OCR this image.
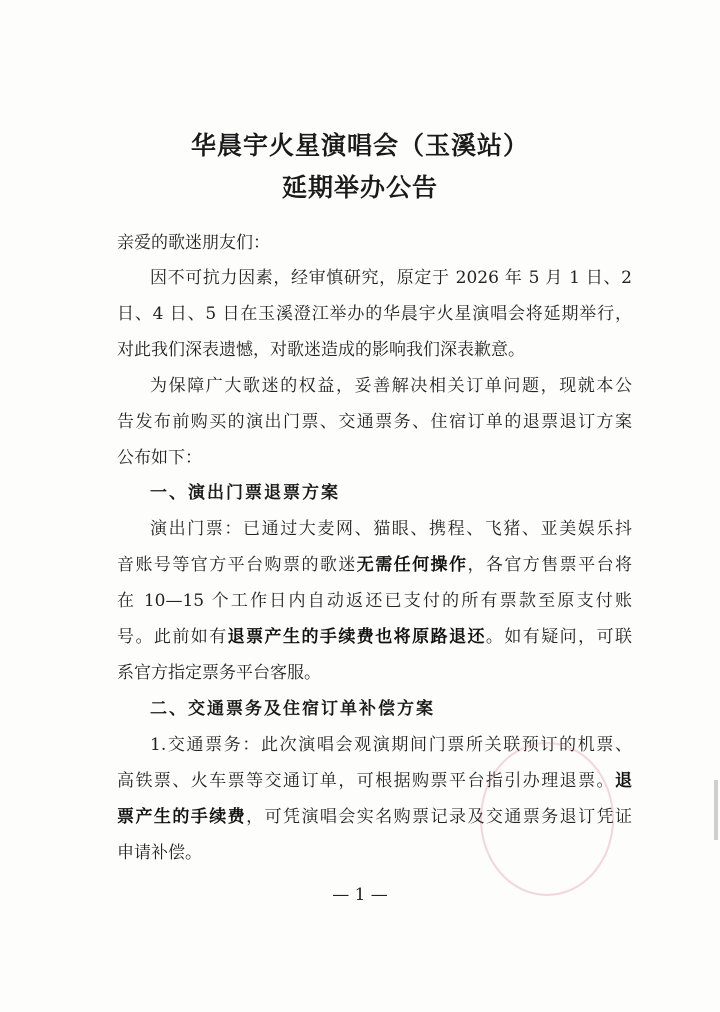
华晨宇火星演唱会（玉溪站）
延期举办公告
亲爱的歌迷朋友们：
因不可抗力因素，经审慎研究，原定于 2026 年 5 月 1 日、2
日、4 日、5 日在玉溪澄江举办的华晨宇火星演唱会将延期举行，
对此我们深表遗憾，对歌迷造成的影响我们深表歉意。
为保障广大歌迷的权益，妥善解决相关订单问题，现就本公
告发布前购买的演出门票、交通票务、住宿订单的退票退订方案
公布如下：
一、演出门票退票方案
演出门票：已通过大麦网、猫眼、携程、飞猪、亚美娱乐抖
音账号等官方平台购票的歌迷无需任何操作，各官方售票平台将
在 10—15 个工作日内自动返还已支付的所有票款至原支付账
号。此前如有退票产生的手续费也将原路退还。如有疑问，可联
系官方指定票务平台客服。
二、交通票务及住宿订单补偿方案
1.交通票务：此次演唱会观演期间门票所关联预订的机票、
高铁票、火车票等交通订单，可根据购票平台指引办理退票。退
票产生的手续费，可凭演唱会实名购票记录及交通票务退订凭证
申请补偿。
— 1 —
